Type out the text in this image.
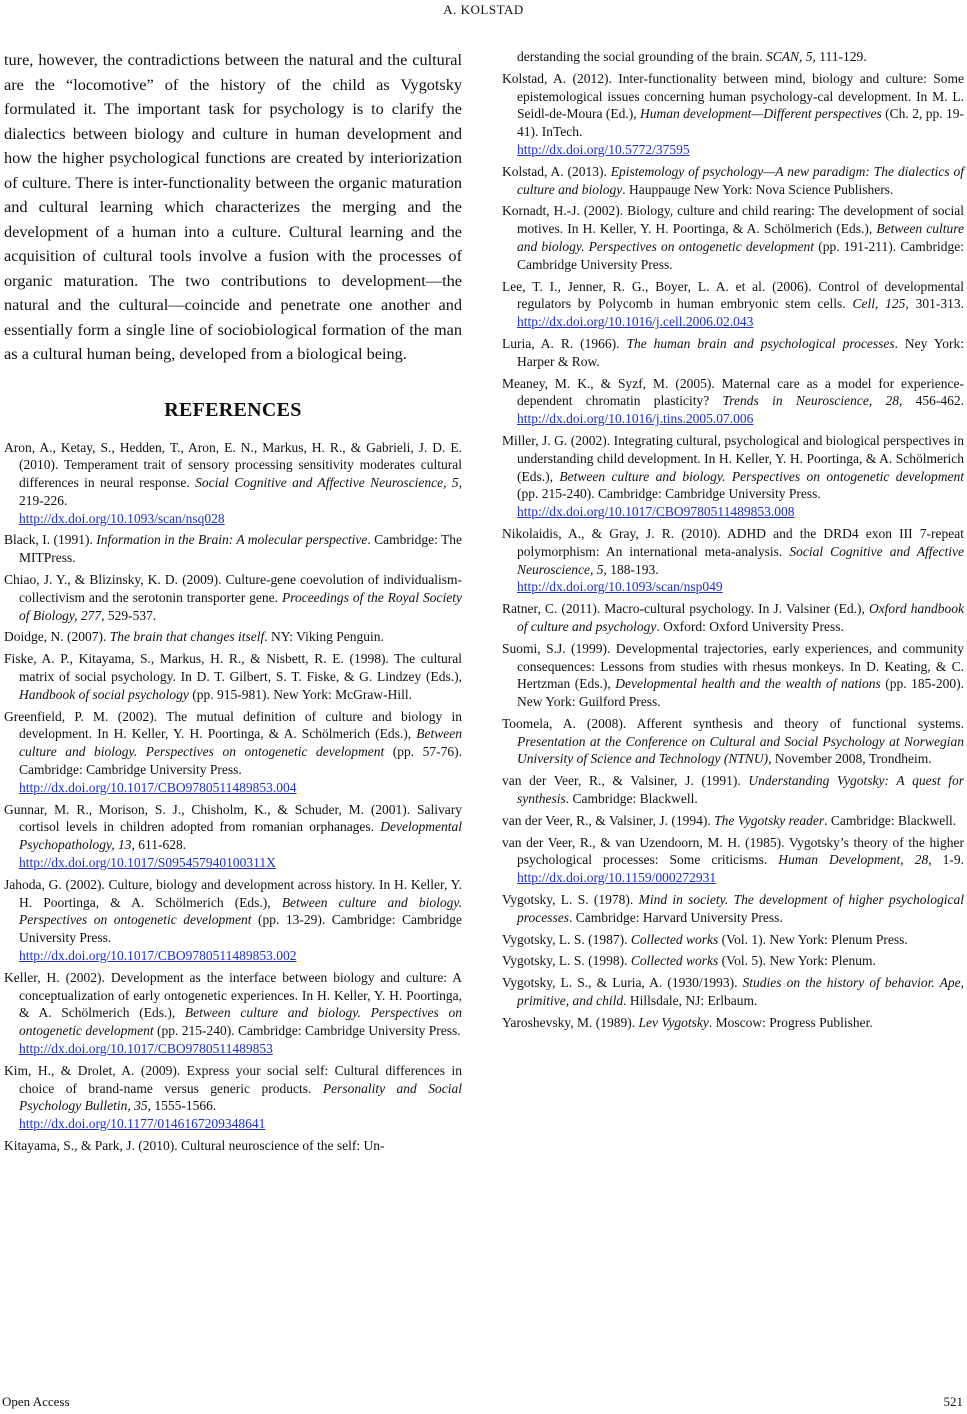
A. KOLSTAD

ture, however, the contradictions between the natural and the cultural are the “locomotive” of the history of the child as Vygotsky formulated it. The important task for psychology is to clarify the dialectics between biology and culture in human development and how the higher psychological functions are created by interiorization of culture. There is inter-functionality between the organic maturation and cultural learning which characterizes the merging and the development of a human into a culture. Cultural learning and the acquisition of cultural tools involve a fusion with the processes of organic maturation. The two contributions to development—the natural and the cultural—coincide and penetrate one another and essentially form a single line of sociobiological formation of the man as a cultural human being, developed from a biological being.

REFERENCES

Aron, A., Ketay, S., Hedden, T., Aron, E. N., Markus, H. R., & Gabrieli, J. D. E. (2010). Temperament trait of sensory processing sensitivity moderates cultural differences in neural response. Social Cognitive and Affective Neuroscience, 5, 219-226.
http://dx.doi.org/10.1093/scan/nsq028

Black, I. (1991). Information in the Brain: A molecular perspective. Cambridge: The MITPress.

Chiao, J. Y., & Blizinsky, K. D. (2009). Culture-gene coevolution of individualism-collectivism and the serotonin transporter gene. Proceedings of the Royal Society of Biology, 277, 529-537.

Doidge, N. (2007). The brain that changes itself. NY: Viking Penguin.

Fiske, A. P., Kitayama, S., Markus, H. R., & Nisbett, R. E. (1998). The cultural matrix of social psychology. In D. T. Gilbert, S. T. Fiske, & G. Lindzey (Eds.), Handbook of social psychology (pp. 915-981). New York: McGraw-Hill.

Greenfield, P. M. (2002). The mutual definition of culture and biology in development. In H. Keller, Y. H. Poortinga, & A. Schölmerich (Eds.), Between culture and biology. Perspectives on ontogenetic development (pp. 57-76). Cambridge: Cambridge University Press.
http://dx.doi.org/10.1017/CBO9780511489853.004

Gunnar, M. R., Morison, S. J., Chisholm, K., & Schuder, M. (2001). Salivary cortisol levels in children adopted from romanian orphanages. Developmental Psychopathology, 13, 611-628.
http://dx.doi.org/10.1017/S095457940100311X

Jahoda, G. (2002). Culture, biology and development across history. In H. Keller, Y. H. Poortinga, & A. Schölmerich (Eds.), Between culture and biology. Perspectives on ontogenetic development (pp. 13-29). Cambridge: Cambridge University Press.
http://dx.doi.org/10.1017/CBO9780511489853.002

Keller, H. (2002). Development as the interface between biology and culture: A conceptualization of early ontogenetic experiences. In H. Keller, Y. H. Poortinga, & A. Schölmerich (Eds.), Between culture and biology. Perspectives on ontogenetic development (pp. 215-240). Cambridge: Cambridge University Press.
http://dx.doi.org/10.1017/CBO9780511489853

Kim, H., & Drolet, A. (2009). Express your social self: Cultural differences in choice of brand-name versus generic products. Personality and Social Psychology Bulletin, 35, 1555-1566.
http://dx.doi.org/10.1177/0146167209348641

Kitayama, S., & Park, J. (2010). Cultural neuroscience of the self: Un-

derstanding the social grounding of the brain. SCAN, 5, 111-129.

Kolstad, A. (2012). Inter-functionality between mind, biology and culture: Some epistemological issues concerning human psychology-cal development. In M. L. Seidl-de-Moura (Ed.), Human development—Different perspectives (Ch. 2, pp. 19-41). InTech.
http://dx.doi.org/10.5772/37595

Kolstad, A. (2013). Epistemology of psychology—A new paradigm: The dialectics of culture and biology. Hauppauge New York: Nova Science Publishers.

Kornadt, H.-J. (2002). Biology, culture and child rearing: The development of social motives. In H. Keller, Y. H. Poortinga, & A. Schölmerich (Eds.), Between culture and biology. Perspectives on ontogenetic development (pp. 191-211). Cambridge: Cambridge University Press.

Lee, T. I., Jenner, R. G., Boyer, L. A. et al. (2006). Control of developmental regulators by Polycomb in human embryonic stem cells. Cell, 125, 301-313. http://dx.doi.org/10.1016/j.cell.2006.02.043

Luria, A. R. (1966). The human brain and psychological processes. Ney York: Harper & Row.

Meaney, M. K., & Syzf, M. (2005). Maternal care as a model for experience-dependent chromatin plasticity? Trends in Neuroscience, 28, 456-462. http://dx.doi.org/10.1016/j.tins.2005.07.006

Miller, J. G. (2002). Integrating cultural, psychological and biological perspectives in understanding child development. In H. Keller, Y. H. Poortinga, & A. Schölmerich (Eds.), Between culture and biology. Perspectives on ontogenetic development (pp. 215-240). Cambridge: Cambridge University Press.
http://dx.doi.org/10.1017/CBO9780511489853.008

Nikolaidis, A., & Gray, J. R. (2010). ADHD and the DRD4 exon III 7-repeat polymorphism: An international meta-analysis. Social Cognitive and Affective Neuroscience, 5, 188-193.
http://dx.doi.org/10.1093/scan/nsp049

Ratner, C. (2011). Macro-cultural psychology. In J. Valsiner (Ed.), Oxford handbook of culture and psychology. Oxford: Oxford University Press.

Suomi, S.J. (1999). Developmental trajectories, early experiences, and community consequences: Lessons from studies with rhesus monkeys. In D. Keating, & C. Hertzman (Eds.), Developmental health and the wealth of nations (pp. 185-200). New York: Guilford Press.

Toomela, A. (2008). Afferent synthesis and theory of functional systems. Presentation at the Conference on Cultural and Social Psychology at Norwegian University of Science and Technology (NTNU), November 2008, Trondheim.

van der Veer, R., & Valsiner, J. (1991). Understanding Vygotsky: A quest for synthesis. Cambridge: Blackwell.

van der Veer, R., & Valsiner, J. (1994). The Vygotsky reader. Cambridge: Blackwell.

van der Veer, R., & van Uzendoorn, M. H. (1985). Vygotsky’s theory of the higher psychological processes: Some criticisms. Human Development, 28, 1-9. http://dx.doi.org/10.1159/000272931

Vygotsky, L. S. (1978). Mind in society. The development of higher psychological processes. Cambridge: Harvard University Press.

Vygotsky, L. S. (1987). Collected works (Vol. 1). New York: Plenum Press.

Vygotsky, L. S. (1998). Collected works (Vol. 5). New York: Plenum.

Vygotsky, L. S., & Luria, A. (1930/1993). Studies on the history of behavior. Ape, primitive, and child. Hillsdale, NJ: Erlbaum.

Yaroshevsky, M. (1989). Lev Vygotsky. Moscow: Progress Publisher.

Open Access	521
